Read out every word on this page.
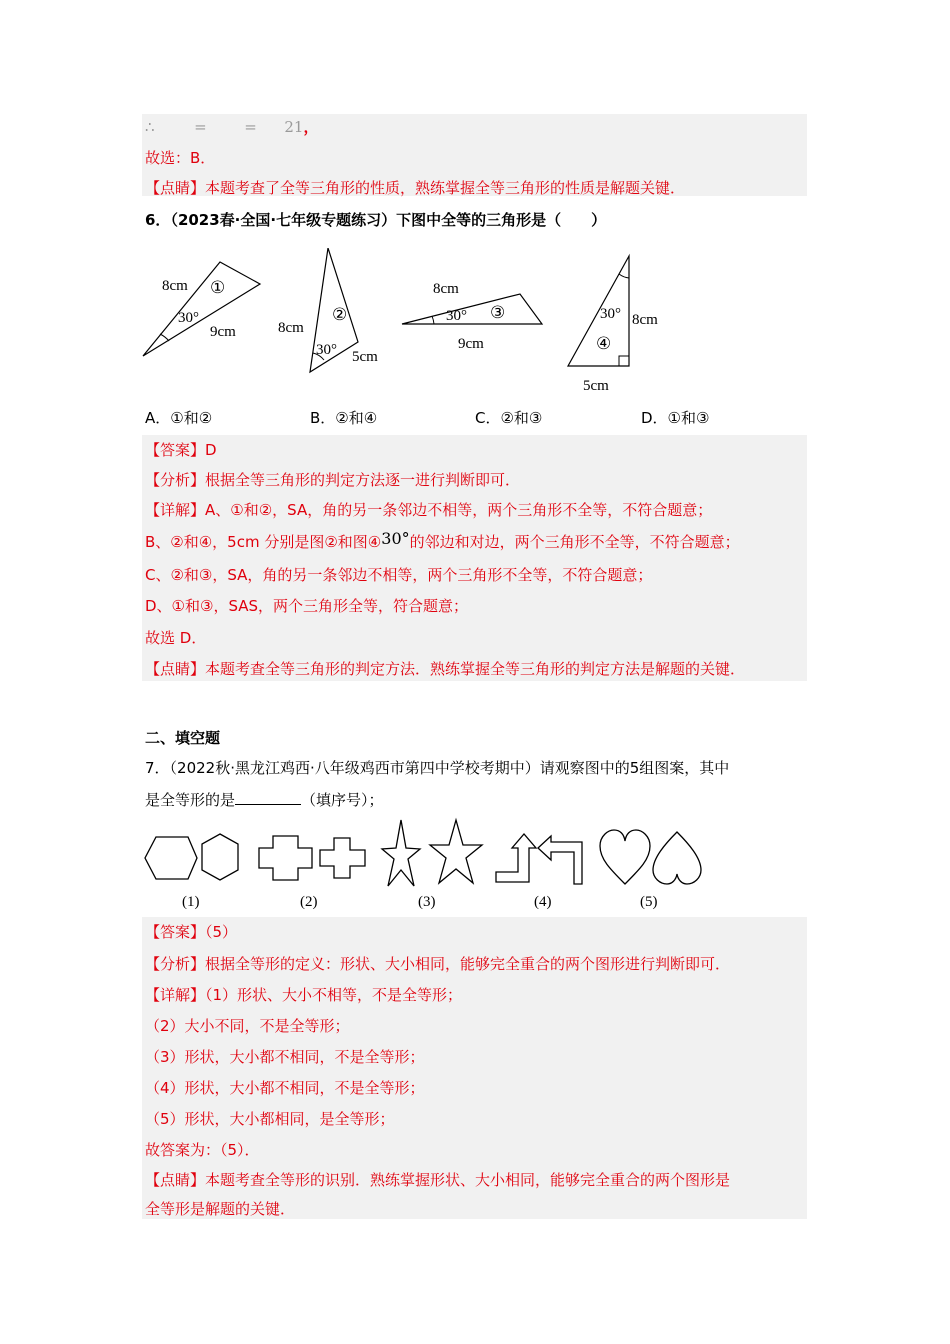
∴	=	= 21，
故选：B．
【点睛】本题考查了全等三角形的性质，熟练掌握全等三角形的性质是解题关键．
6．（2023春·全国·七年级专题练习）下图中全等的三角形是（　　）
8cm
30°
9cm
①
8cm
30° 5cm
②
8cm
30°
9cm
③	30° 8cm
5cm
④
A．①和②	B．②和④	C．②和③	D．①和③
【答案】D
【分析】根据全等三角形的判定方法逐一进行判断即可．
【详解】A、①和②，SA，角的另一条邻边不相等，两个三角形不全等，不符合题意；
B、②和④，5cm 分别是图②和图④30°的邻边和对边，两个三角形不全等，不符合题意；
C、②和③，SA，角的另一条邻边不相等，两个三角形不全等，不符合题意；
D、①和③，SAS，两个三角形全等，符合题意；
故选 D．
【点睛】本题考查全等三角形的判定方法．熟练掌握全等三角形的判定方法是解题的关键．
二、填空题
7．（2022秋·黑龙江鸡西·八年级鸡西市第四中学校考期中）请观察图中的5组图案，其中
是全等形的是	（填序号）；
(1)	(2)	(3)	(4)	(5)
【答案】（5）
【分析】根据全等形的定义：形状、大小相同，能够完全重合的两个图形进行判断即可．
【详解】（1）形状、大小不相等，不是全等形；
（2）大小不同，不是全等形；
（3）形状，大小都不相同，不是全等形；
（4）形状，大小都不相同，不是全等形；
（5）形状，大小都相同，是全等形；
故答案为：（5）．
【点睛】本题考查全等形的识别．熟练掌握形状、大小相同，能够完全重合的两个图形是
全等形是解题的关键．
